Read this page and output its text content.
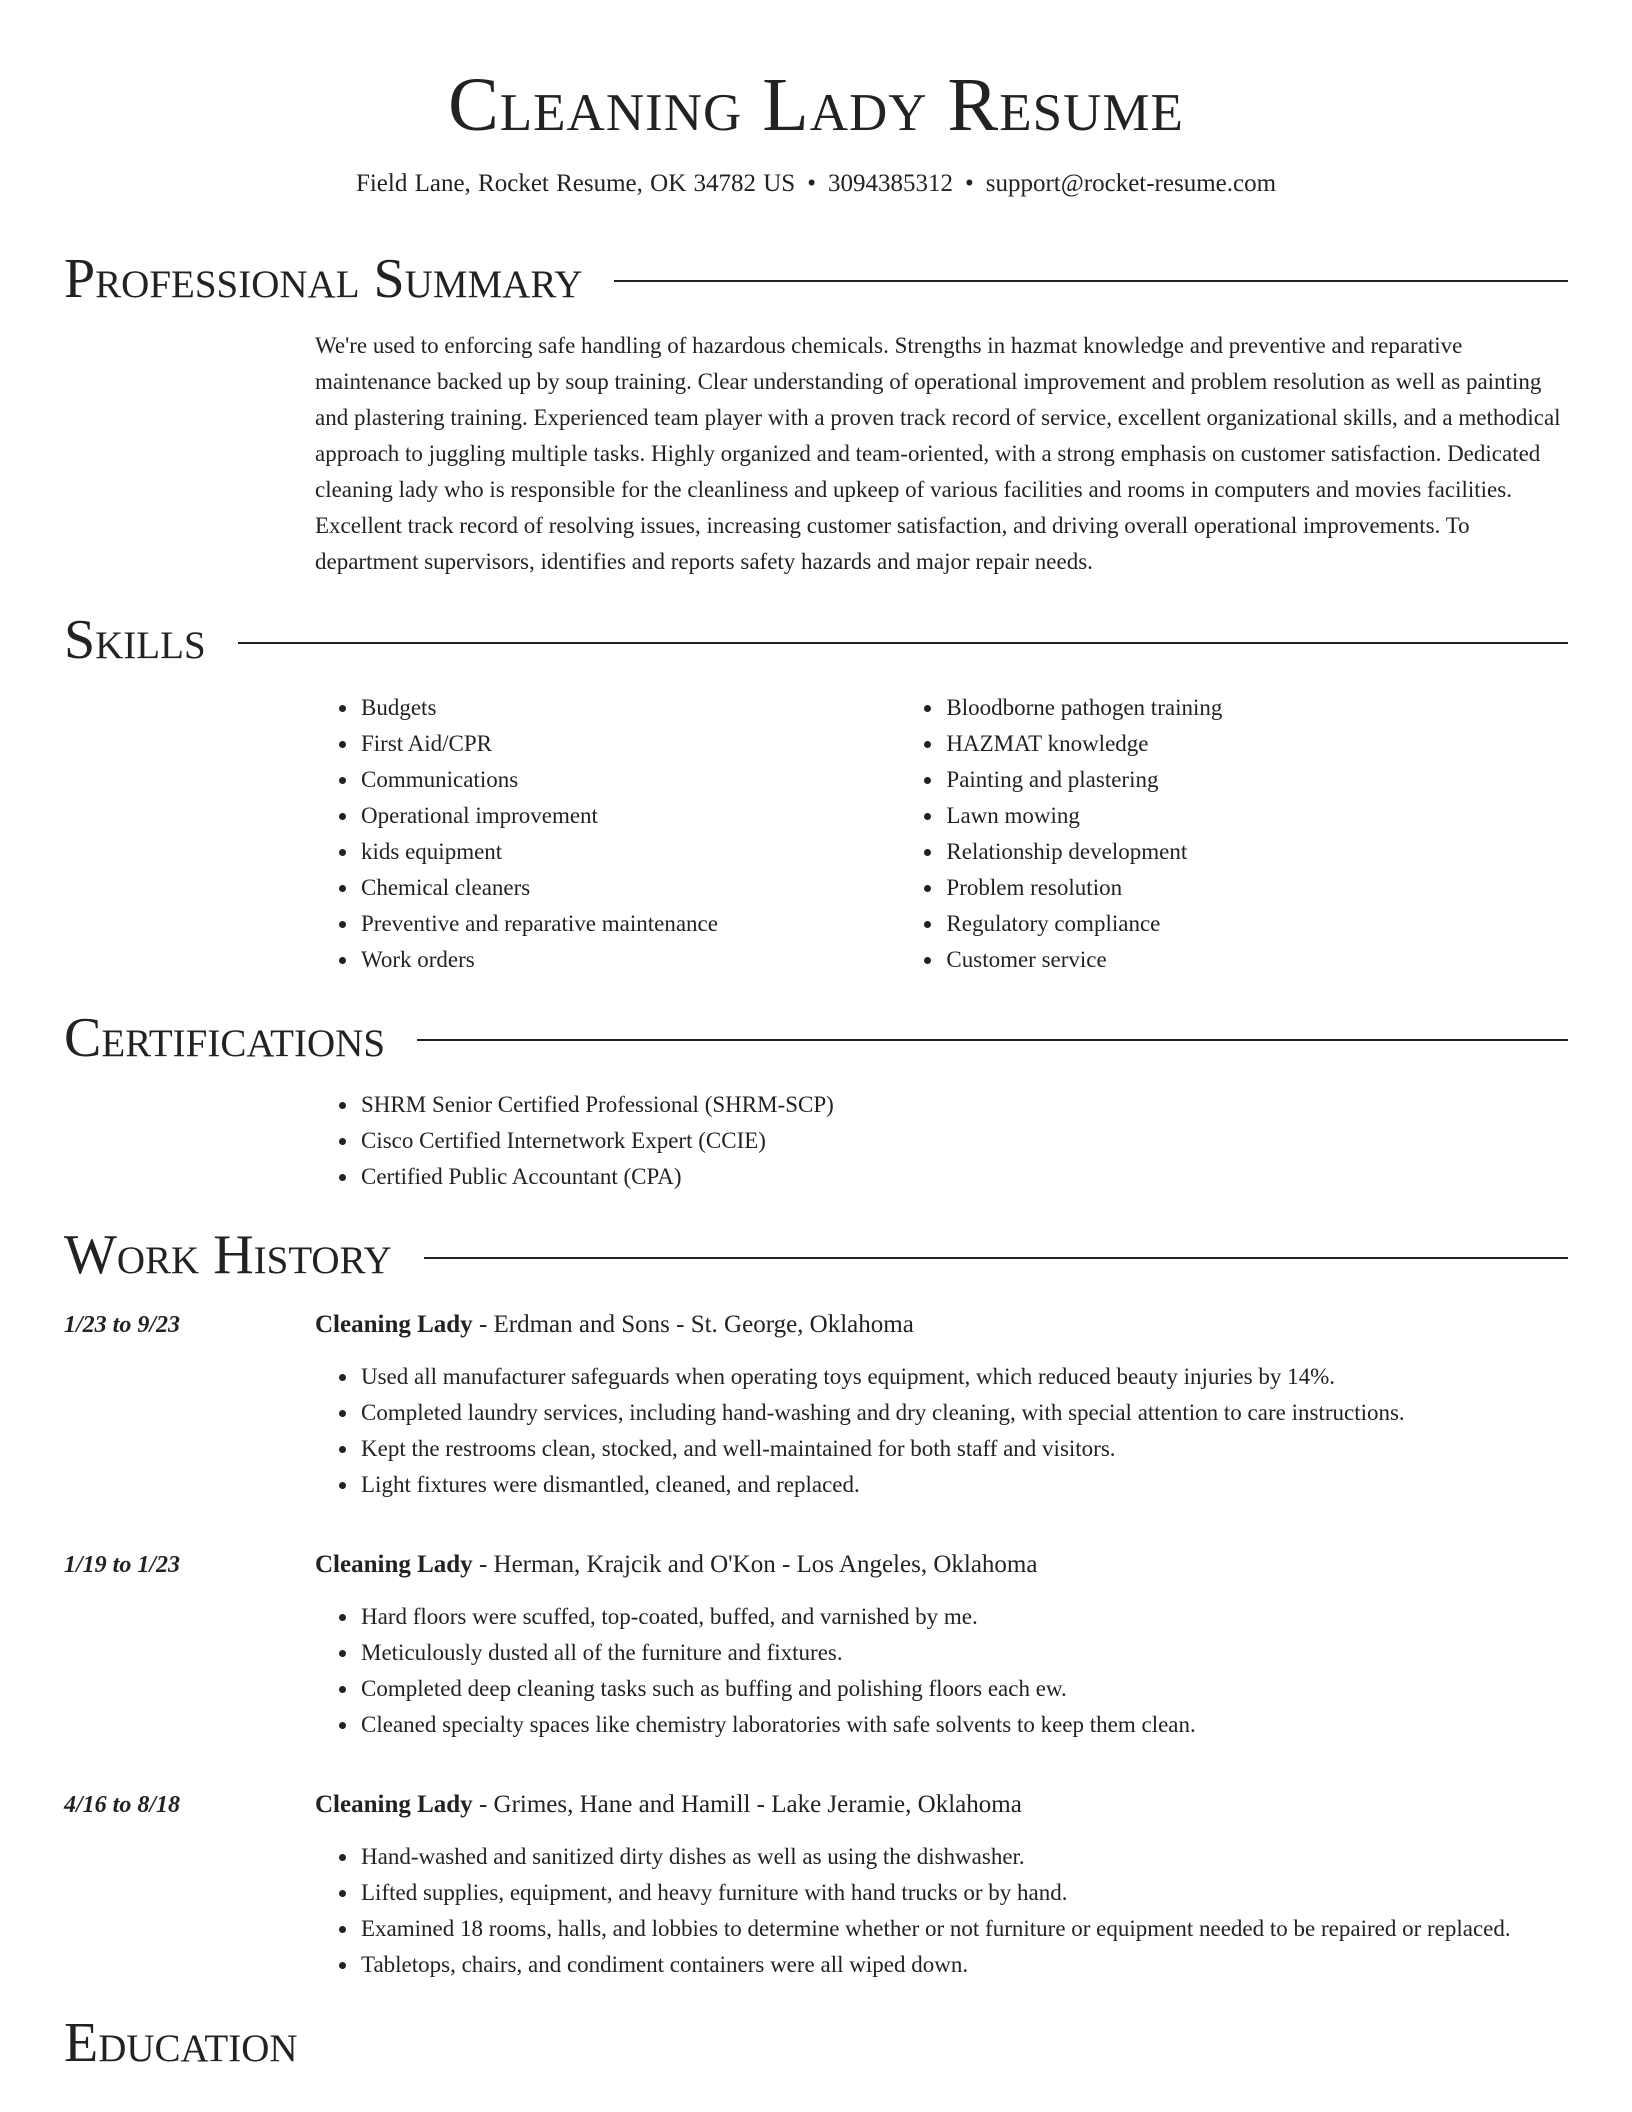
Cleaning Lady Resume
Field Lane, Rocket Resume, OK 34782 US • 3094385312 • support@rocket-resume.com
Professional Summary
We're used to enforcing safe handling of hazardous chemicals. Strengths in hazmat knowledge and preventive and reparative maintenance backed up by soup training. Clear understanding of operational improvement and problem resolution as well as painting and plastering training. Experienced team player with a proven track record of service, excellent organizational skills, and a methodical approach to juggling multiple tasks. Highly organized and team-oriented, with a strong emphasis on customer satisfaction. Dedicated cleaning lady who is responsible for the cleanliness and upkeep of various facilities and rooms in computers and movies facilities. Excellent track record of resolving issues, increasing customer satisfaction, and driving overall operational improvements. To department supervisors, identifies and reports safety hazards and major repair needs.
Skills
• Budgets
• First Aid/CPR
• Communications
• Operational improvement
• kids equipment
• Chemical cleaners
• Preventive and reparative maintenance
• Work orders
• Bloodborne pathogen training
• HAZMAT knowledge
• Painting and plastering
• Lawn mowing
• Relationship development
• Problem resolution
• Regulatory compliance
• Customer service
Certifications
• SHRM Senior Certified Professional (SHRM-SCP)
• Cisco Certified Internetwork Expert (CCIE)
• Certified Public Accountant (CPA)
Work History
1/23 to 9/23	Cleaning Lady - Erdman and Sons - St. George, Oklahoma
• Used all manufacturer safeguards when operating toys equipment, which reduced beauty injuries by 14%.
• Completed laundry services, including hand-washing and dry cleaning, with special attention to care instructions.
• Kept the restrooms clean, stocked, and well-maintained for both staff and visitors.
• Light fixtures were dismantled, cleaned, and replaced.
1/19 to 1/23	Cleaning Lady - Herman, Krajcik and O'Kon - Los Angeles, Oklahoma
• Hard floors were scuffed, top-coated, buffed, and varnished by me.
• Meticulously dusted all of the furniture and fixtures.
• Completed deep cleaning tasks such as buffing and polishing floors each ew.
• Cleaned specialty spaces like chemistry laboratories with safe solvents to keep them clean.
4/16 to 8/18	Cleaning Lady - Grimes, Hane and Hamill - Lake Jeramie, Oklahoma
• Hand-washed and sanitized dirty dishes as well as using the dishwasher.
• Lifted supplies, equipment, and heavy furniture with hand trucks or by hand.
• Examined 18 rooms, halls, and lobbies to determine whether or not furniture or equipment needed to be repaired or replaced.
• Tabletops, chairs, and condiment containers were all wiped down.
Education
